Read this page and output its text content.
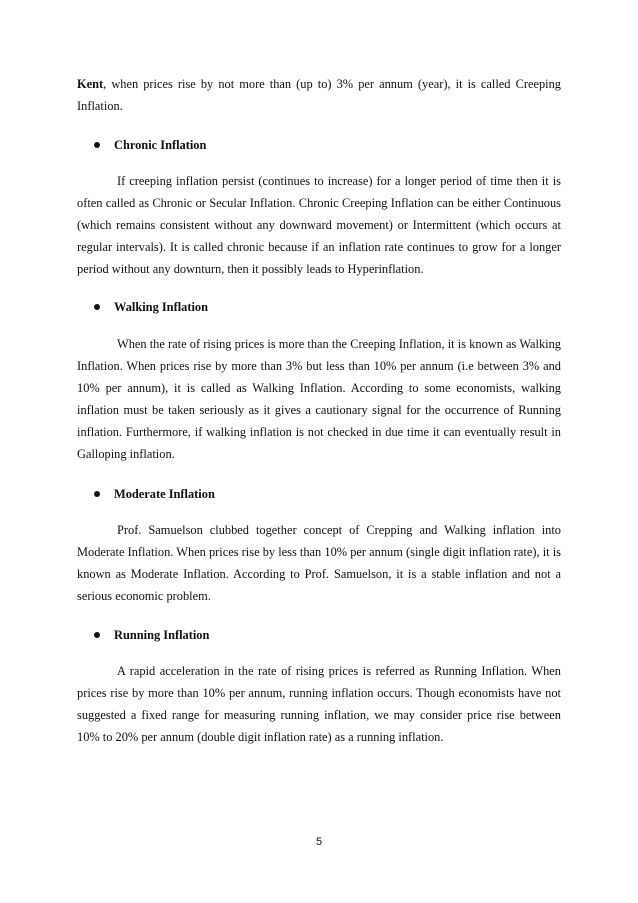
Kent, when prices rise by not more than (up to) 3% per annum (year), it is called Creeping Inflation.

Chronic Inflation

If creeping inflation persist (continues to increase) for a longer period of time then it is often called as Chronic or Secular Inflation. Chronic Creeping Inflation can be either Continuous (which remains consistent without any downward movement) or Intermittent (which occurs at regular intervals). It is called chronic because if an inflation rate continues to grow for a longer period without any downturn, then it possibly leads to Hyperinflation.

Walking Inflation

When the rate of rising prices is more than the Creeping Inflation, it is known as Walking Inflation. When prices rise by more than 3% but less than 10% per annum (i.e between 3% and 10% per annum), it is called as Walking Inflation. According to some economists, walking inflation must be taken seriously as it gives a cautionary signal for the occurrence of Running inflation. Furthermore, if walking inflation is not checked in due time it can eventually result in Galloping inflation.

Moderate Inflation

Prof. Samuelson clubbed together concept of Crepping and Walking inflation into Moderate Inflation. When prices rise by less than 10% per annum (single digit inflation rate), it is known as Moderate Inflation. According to Prof. Samuelson, it is a stable inflation and not a serious economic problem.

Running Inflation

A rapid acceleration in the rate of rising prices is referred as Running Inflation. When prices rise by more than 10% per annum, running inflation occurs. Though economists have not suggested a fixed range for measuring running inflation, we may consider price rise between 10% to 20% per annum (double digit inflation rate) as a running inflation.

5
